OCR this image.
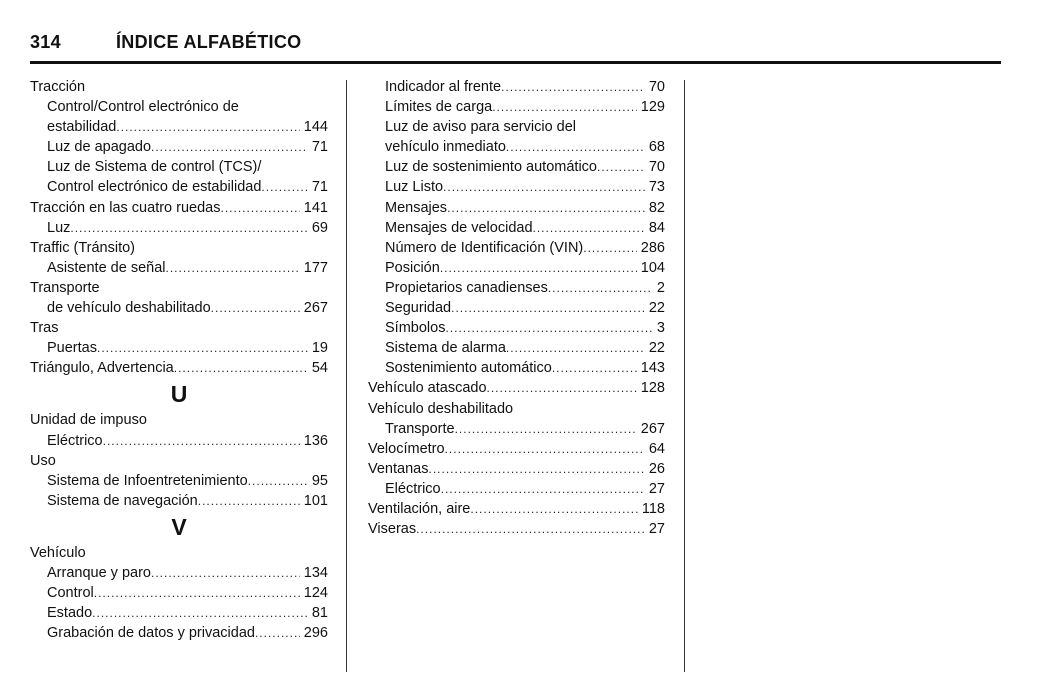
314	ÍNDICE ALFABÉTICO
Tracción
Control/Control electrónico de
estabilidad .....	144
Luz de apagado .....	71
Luz de Sistema de control (TCS)/
Control electrónico de estabilidad .....	71
Tracción en las cuatro ruedas .....	141
Luz .....	69
Traffic (Tránsito)
Asistente de señal .....	177
Transporte
de vehículo deshabilitado .....	267
Tras
Puertas .....	19
Triángulo, Advertencia .....	54
U
Unidad de impuso
Eléctrico .....	136
Uso
Sistema de Infoentretenimiento .....	95
Sistema de navegación .....	101
V
Vehículo
Arranque y paro .....	134
Control .....	124
Estado .....	81
Grabación de datos y privacidad .....	296
Indicador al frente .....	70
Límites de carga .....	129
Luz de aviso para servicio del
vehículo inmediato .....	68
Luz de sostenimiento automático .....	70
Luz Listo .....	73
Mensajes .....	82
Mensajes de velocidad .....	84
Número de Identificación (VIN) .....	286
Posición .....	104
Propietarios canadienses .....	2
Seguridad .....	22
Símbolos .....	3
Sistema de alarma .....	22
Sostenimiento automático .....	143
Vehículo atascado .....	128
Vehículo deshabilitado
Transporte .....	267
Velocímetro .....	64
Ventanas .....	26
Eléctrico .....	27
Ventilación, aire .....	118
Viseras .....	27
